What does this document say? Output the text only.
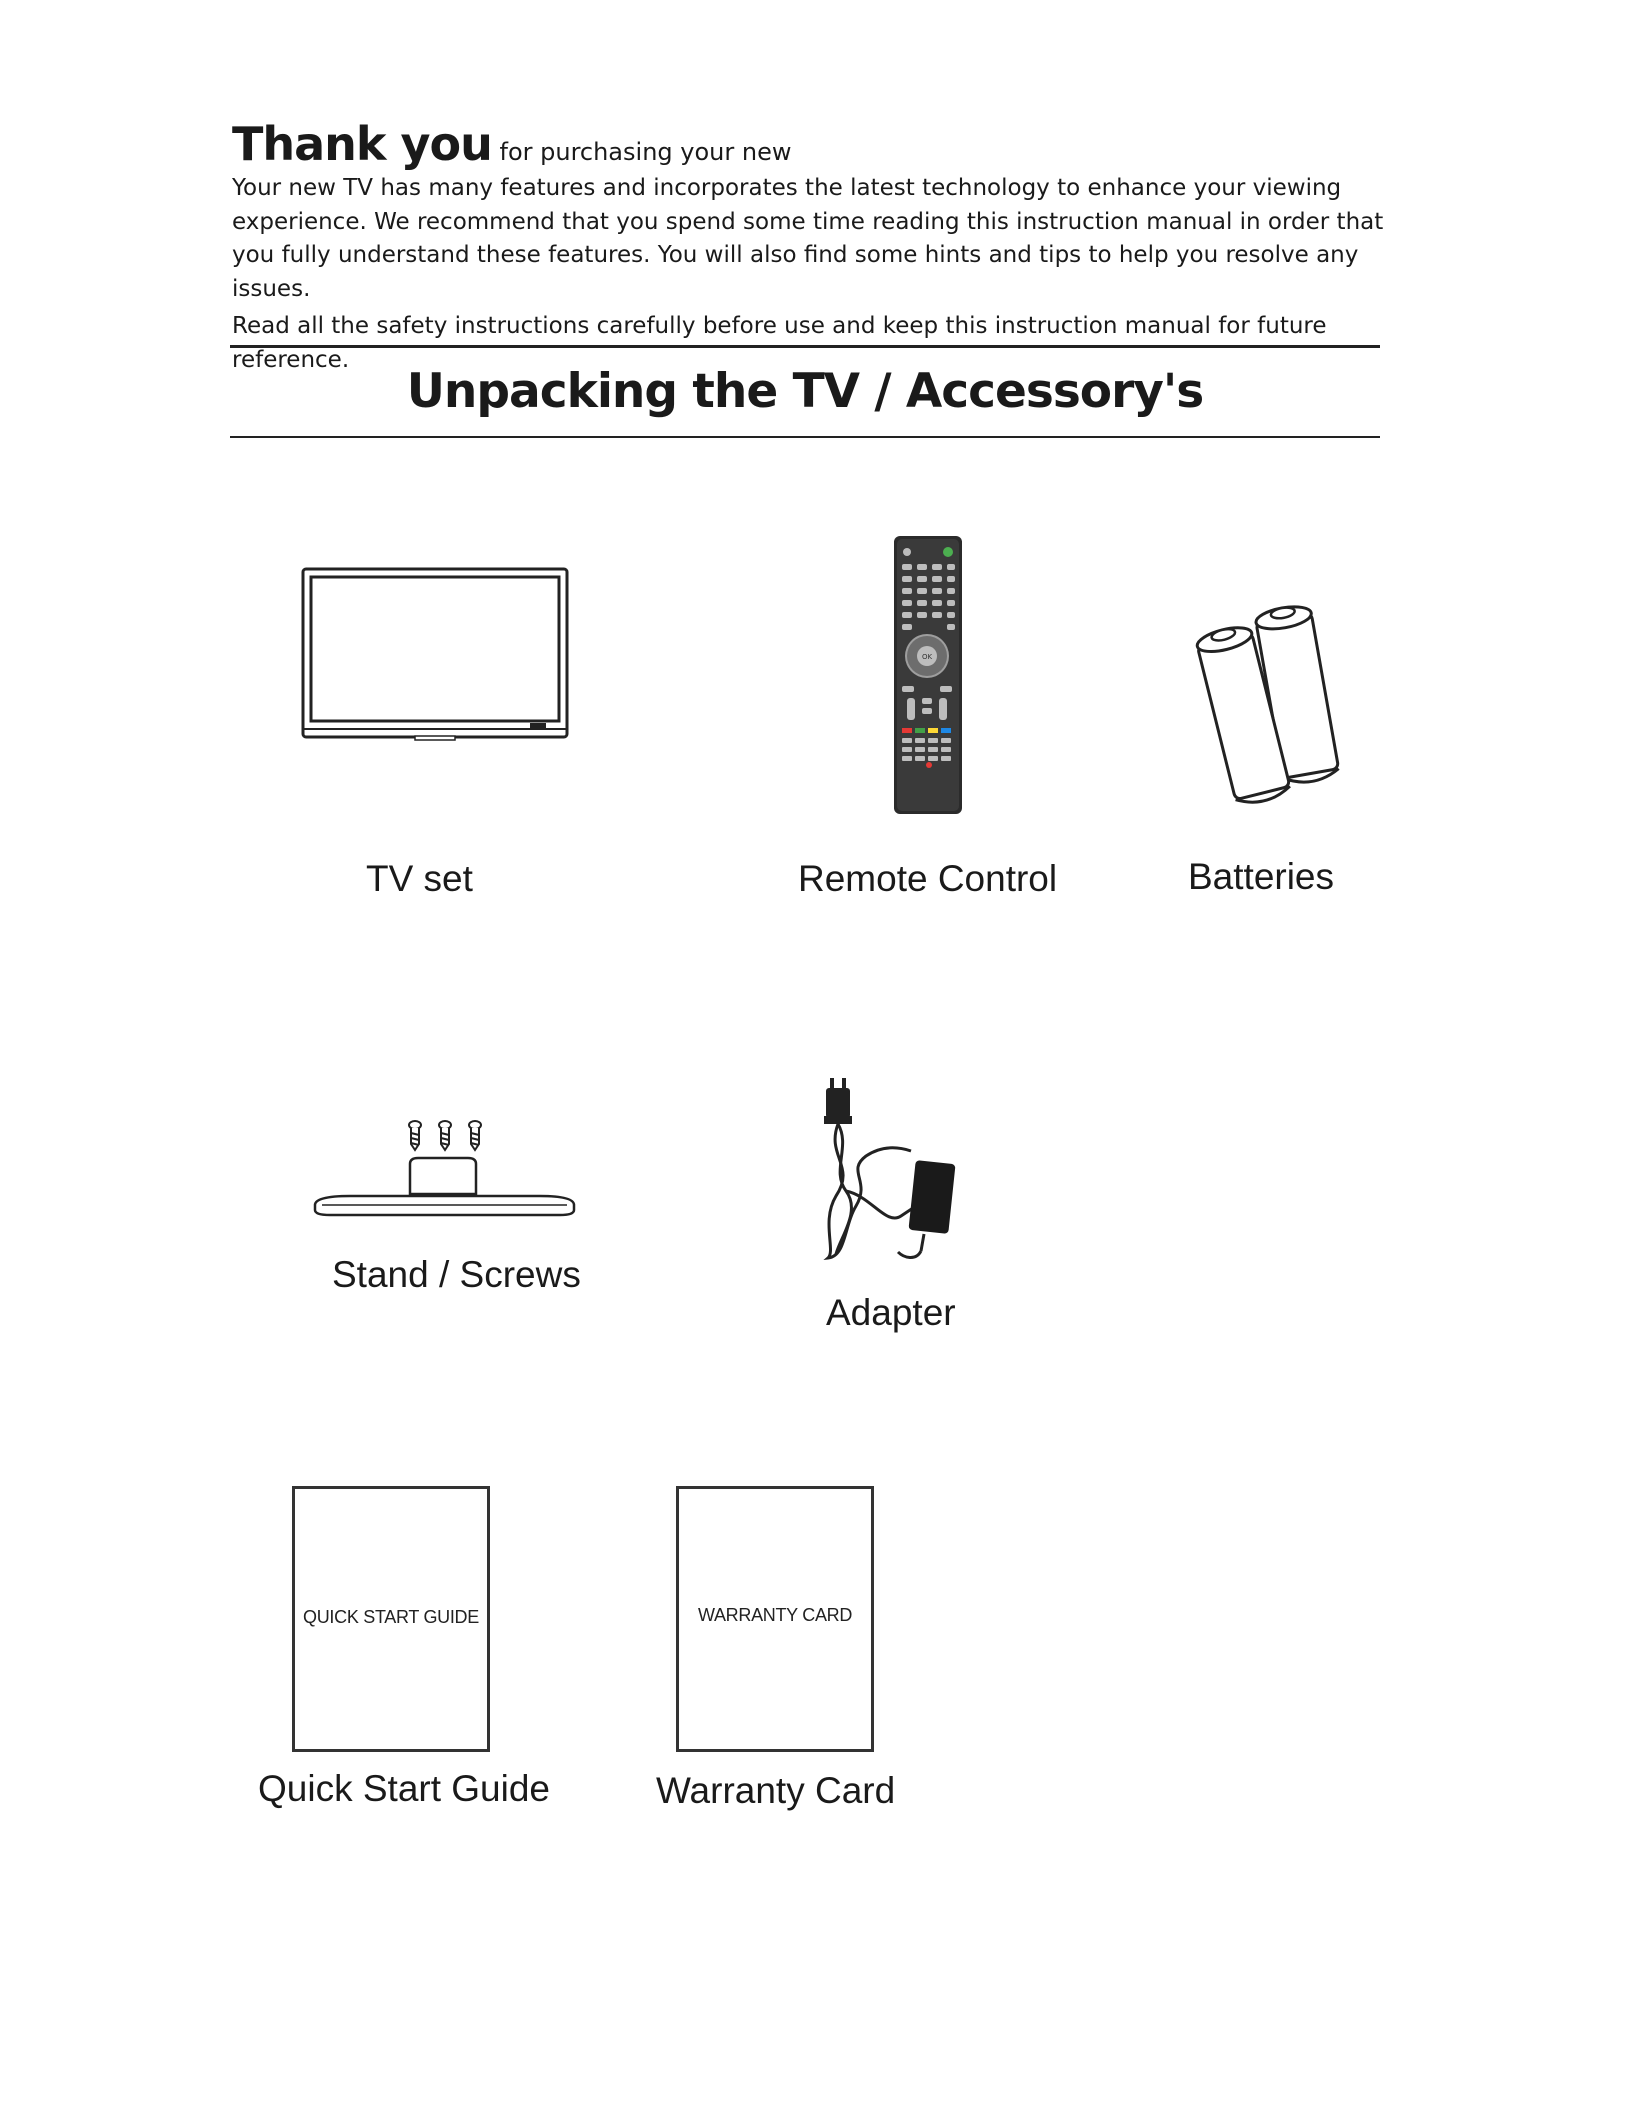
Thank you for purchasing your new

Your new TV has many features and incorporates the latest technology to enhance your viewing experience. We recommend that you spend some time reading this instruction manual in order that you fully understand these features. You will also find some hints and tips to help you resolve any issues.

Read all the safety instructions carefully before use and keep this instruction manual for future reference.

Unpacking the TV / Accessory's
TV set
OK
Remote Control	Batteries
Stand / Screws
Adapter
QUICK START GUIDE
Quick Start Guide
WARRANTY CARD
Warranty Card
